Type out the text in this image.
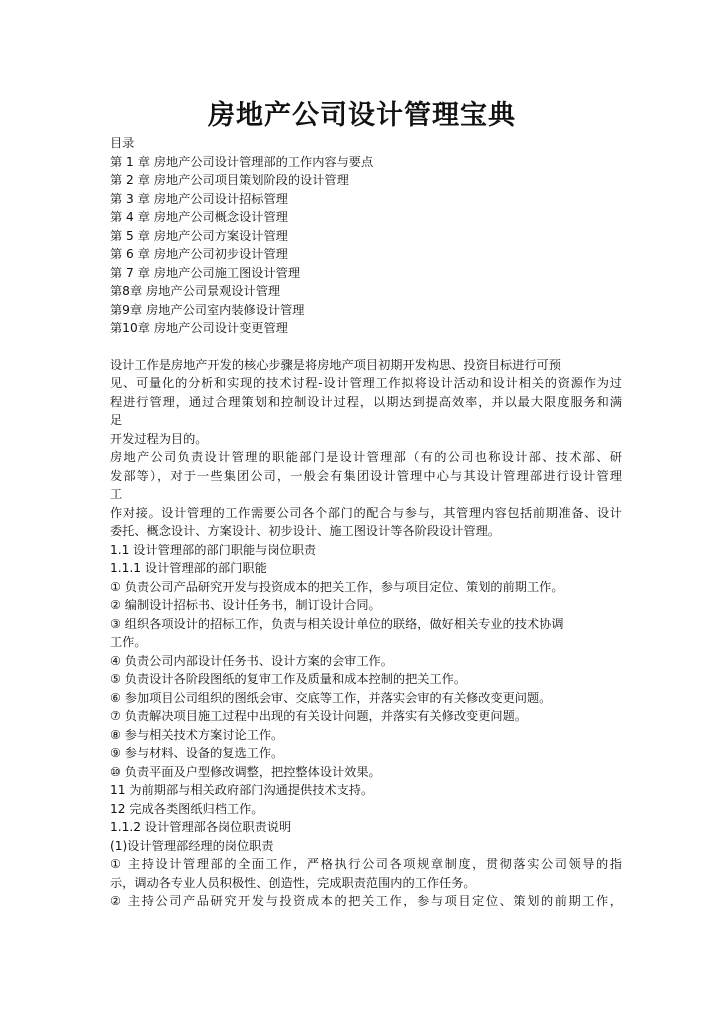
房地产公司设计管理宝典
目录
第 1 章 房地产公司设计管理部的工作内容与要点
第 2 章 房地产公司项目策划阶段的设计管理
第 3 章 房地产公司设计招标管理
第 4 章 房地产公司概念设计管理
第 5 章 房地产公司方案设计管理
第 6 章 房地产公司初步设计管理
第 7 章 房地产公司施工图设计管理
第8章 房地产公司景观设计管理
第9章 房地产公司室内装修设计管理
第10章 房地产公司设计变更管理
设计工作是房地产开发的核心步骤是将房地产项目初期开发构思、投资目标进行可预
见、可量化的分析和实现的技术讨程-设计管理工作拟将设计活动和设计相关的资源作为过
程进行管理，通过合理策划和控制设计过程，以期达到提高效率，并以最大限度服务和满
足
开发过程为目的。
房地产公司负责设计管理的职能部门是设计管理部（有的公司也称设计部、技术部、研
发部等），对于一些集团公司，一般会有集团设计管理中心与其设计管理部进行设计管理
工
作对接。设计管理的工作需要公司各个部门的配合与参与，其管理内容包括前期准备、设计
委托、概念设计、方案设计、初步设计、施工图设计等各阶段设计管理。
1.1 设计管理部的部门职能与岗位职责
1.1.1 设计管理部的部门职能
① 负责公司产品研究开发与投资成本的把关工作，参与项目定位、策划的前期工作。
② 编制设计招标书、设计任务书，制订设计合同。
③ 组织各项设计的招标工作，负责与相关设计单位的联络，做好相关专业的技术协调
工作。
④ 负责公司内部设计任务书、设计方案的会审工作。
⑤ 负责设计各阶段图纸的复审工作及质量和成本控制的把关工作。
⑥ 参加项目公司组织的图纸会审、交底等工作，并落实会审的有关修改变更问题。
⑦ 负责解决项目施工过程中出现的有关设计问题，并落实有关修改变更问题。
⑧ 参与相关技术方案讨论工作。
⑨ 参与材料、设备的复选工作。
⑩ 负责平面及户型修改调整，把控整体设计效果。
11 为前期部与相关政府部门沟通提供技术支持。
12 完成各类图纸归档工作。
1.1.2 设计管理部各岗位职责说明
(1)设计管理部经理的岗位职责
① 主持设计管理部的全面工作，严格执行公司各项规章制度，贯彻落实公司领导的指
示，调动各专业人员积极性、创造性，完成职责范围内的工作任务。
② 主持公司产品研究开发与投资成本的把关工作，参与项目定位、策划的前期工作，
